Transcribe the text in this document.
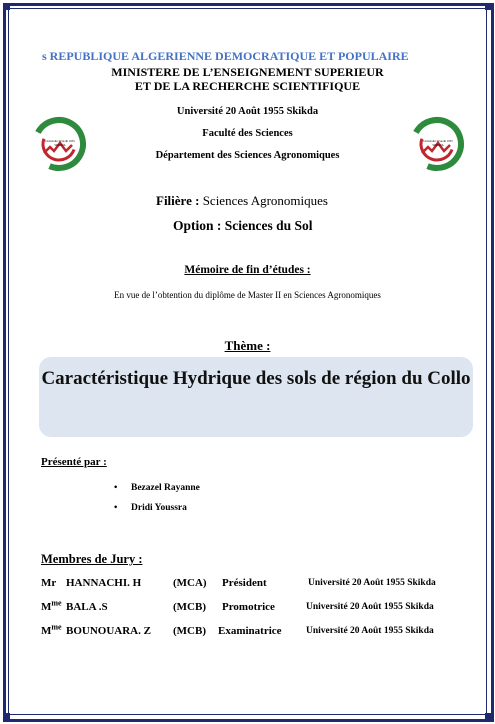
s REPUBLIQUE ALGERIENNE DEMOCRATIQUE ET POPULAIRE
MINISTERE DE L’ENSEIGNEMENT SUPERIEUR
ET DE LA RECHERCHE SCIENTIFIQUE
Université 20 Août 1955 Skikda
Faculté des Sciences
Département des Sciences Agronomiques
Université 20 Août 1955
SKIKDA
Université 20 Août 1955
SKIKDA
Filière : Sciences Agronomiques
Option : Sciences du Sol
Mémoire de fin d’études :
En vue de l’obtention du diplôme de Master II en Sciences Agronomiques
Thème :
Caractéristique Hydrique des sols de région du Collo
Présenté par :
• Bezazel Rayanne
• Dridi Youssra
Membres de Jury :
Mr HANNACHI. H	(MCA) Président	Université 20 Août 1955 Skikda
$M^{me}$ BALA .S	(MCB) Promotrice	Université 20 Août 1955 Skikda
$M^{me}$ BOUNOUARA. Z (MCB) Examinatrice	Université 20 Août 1955 Skikda
